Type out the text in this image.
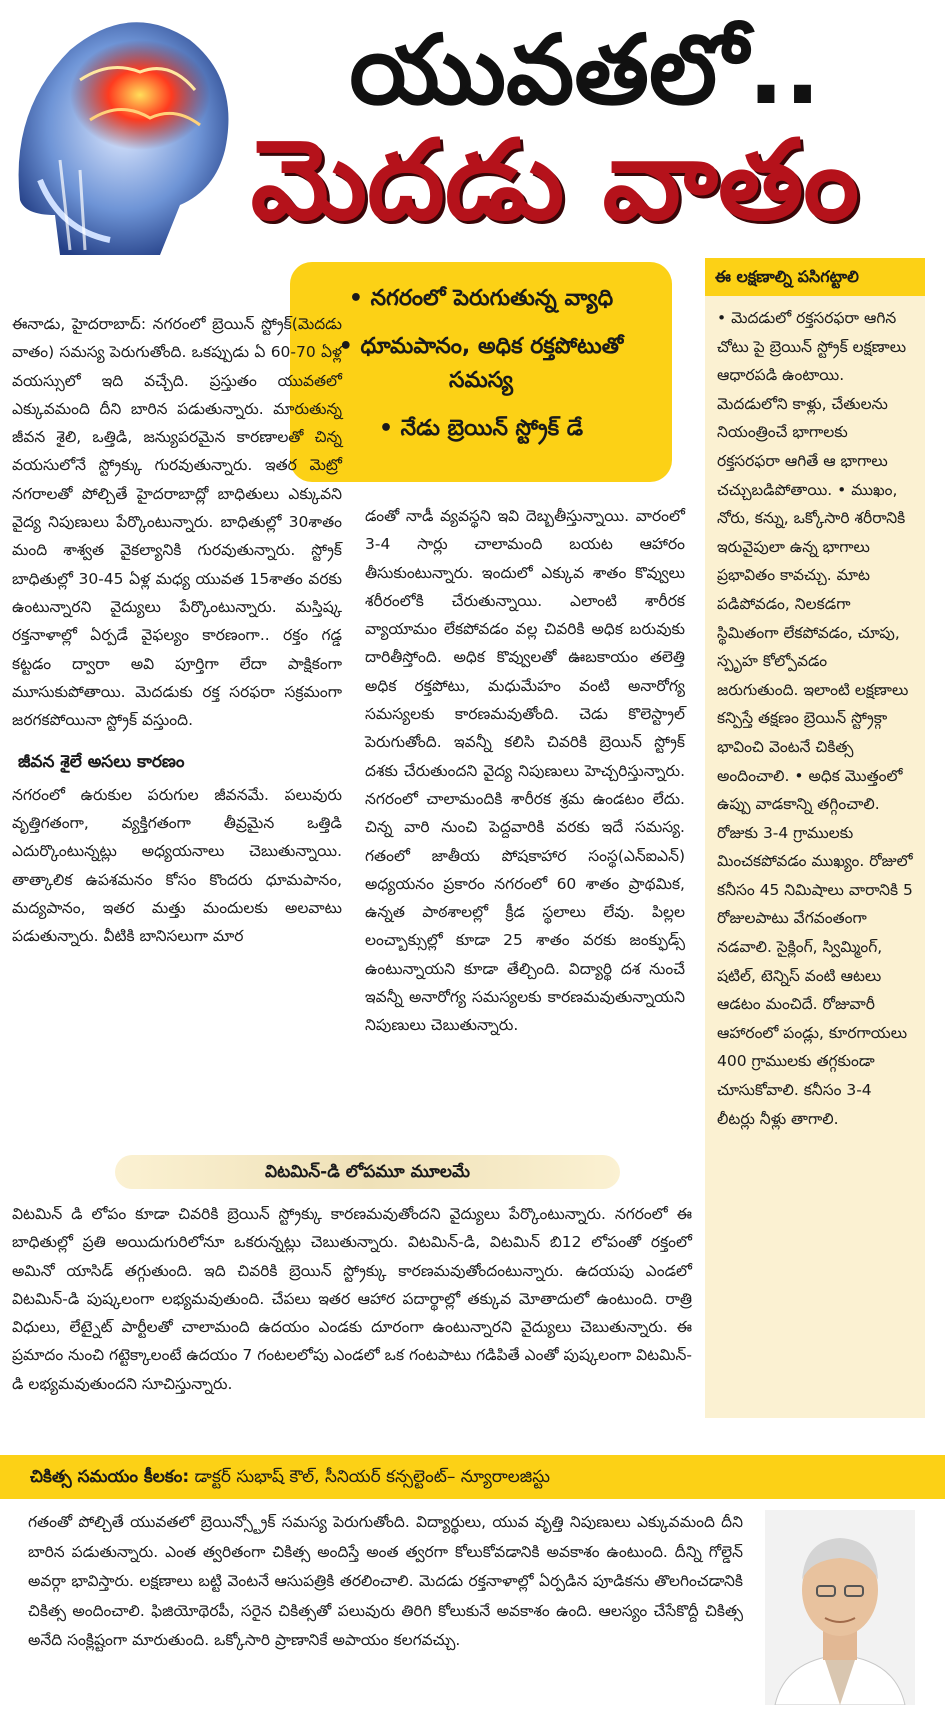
యువతలో..
మెదడు వాతం

• నగరంలో పెరుగుతున్న వ్యాధి

• ధూమపానం, అధిక రక్తపోటుతో సమస్య

• నేడు బ్రెయిన్ స్ట్రోక్ డే

ఈ లక్షణాల్ని పసిగట్టాలి

• మెదడులో రక్తసరఫరా ఆగిన చోటు పై బ్రెయిన్ స్ట్రోక్ లక్షణాలు ఆధారపడి ఉంటాయి. మెదడులోని కాళ్లు, చేతులను నియంత్రించే భాగాలకు రక్తసరఫరా ఆగితే ఆ భాగాలు చచ్చుబడిపోతాయి. • ముఖం, నోరు, కన్ను, ఒక్కోసారి శరీరానికి ఇరువైపులా ఉన్న భాగాలు ప్రభావితం కావచ్చు. మాట పడిపోవడం, నిలకడగా స్థిమితంగా లేకపోవడం, చూపు, స్పృహ కోల్పోవడం జరుగుతుంది. ఇలాంటి లక్షణాలు కన్పిస్తే తక్షణం బ్రెయిన్ స్ట్రోక్గా భావించి వెంటనే చికిత్స అందించాలి. • అధిక మొత్తంలో ఉప్పు వాడకాన్ని తగ్గించాలి. రోజుకు 3-4 గ్రాములకు మించకపోవడం ముఖ్యం. రోజులో కనీసం 45 నిమిషాలు వారానికి 5 రోజులపాటు వేగవంతంగా నడవాలి. సైక్లింగ్, స్విమ్మింగ్, షటిల్, టెన్నిస్ వంటి ఆటలు ఆడటం మంచిదే. రోజువారీ ఆహారంలో పండ్లు, కూరగాయలు 400 గ్రాములకు తగ్గకుండా చూసుకోవాలి. కనీసం 3-4 లీటర్లు నీళ్లు తాగాలి.

ఈనాడు, హైదరాబాద్: నగరంలో బ్రెయిన్ స్ట్రోక్(మెదడు వాతం) సమస్య పెరుగుతోంది. ఒకప్పుడు ఏ 60-70 ఏళ్ల వయస్సులో ఇది వచ్చేది. ప్రస్తుతం యువతలో ఎక్కువమంది దీని బారిన పడుతున్నారు. మారుతున్న జీవన శైలి, ఒత్తిడి, జన్యుపరమైన కారణాలతో చిన్న వయసులోనే స్ట్రోక్కు గురవుతున్నారు. ఇతర మెట్రో నగరాలతో పోల్చితే హైదరాబాద్లో బాధితులు ఎక్కువని వైద్య నిపుణులు పేర్కొంటున్నారు. బాధితుల్లో 30శాతం మంది శాశ్వత వైకల్యానికి గురవుతున్నారు. స్ట్రోక్ బాధితుల్లో 30-45 ఏళ్ల మధ్య యువత 15శాతం వరకు ఉంటున్నారని వైద్యులు పేర్కొంటున్నారు. మస్తిష్క రక్తనాళాల్లో ఏర్పడే వైఫల్యం కారణంగా.. రక్తం గడ్డ కట్టడం ద్వారా అవి పూర్తిగా లేదా పాక్షికంగా మూసుకుపోతాయి. మెదడుకు రక్త సరఫరా సక్రమంగా జరగకపోయినా స్ట్రోక్ వస్తుంది.

జీవన శైలే అసలు కారణం

నగరంలో ఉరుకుల పరుగుల జీవనమే. పలువురు వృత్తిగతంగా, వ్యక్తిగతంగా తీవ్రమైన ఒత్తిడి ఎదుర్కొంటున్నట్లు అధ్యయనాలు చెబుతున్నాయి. తాత్కాలిక ఉపశమనం కోసం కొందరు ధూమపానం, మద్యపానం, ఇతర మత్తు మందులకు అలవాటు పడుతున్నారు. వీటికి బానిసలుగా మార

డంతో నాడీ వ్యవస్థని ఇవి దెబ్బతీస్తున్నాయి. వారంలో 3-4 సార్లు చాలామంది బయట ఆహారం తీసుకుంటున్నారు. ఇందులో ఎక్కువ శాతం కొవ్వులు శరీరంలోకి చేరుతున్నాయి. ఎలాంటి శారీరక వ్యాయామం లేకపోవడం వల్ల చివరికి అధిక బరువుకు దారితీస్తోంది. అధిక కొవ్వులతో ఊబకాయం తలెత్తి అధిక రక్తపోటు, మధుమేహం వంటి అనారోగ్య సమస్యలకు కారణమవుతోంది. చెడు కొలెస్ట్రాల్ పెరుగుతోంది. ఇవన్నీ కలిసి చివరికి బ్రెయిన్ స్ట్రోక్ దశకు చేరుతుందని వైద్య నిపుణులు హెచ్చరిస్తున్నారు. నగరంలో చాలామందికి శారీరక శ్రమ ఉండటం లేదు. చిన్న వారి నుంచి పెద్దవారికి వరకు ఇదే సమస్య. గతంలో జాతీయ పోషకాహార సంస్థ(ఎన్ఐఎన్) అధ్యయనం ప్రకారం నగరంలో 60 శాతం ప్రాథమిక, ఉన్నత పాఠశాలల్లో క్రీడ స్థలాలు లేవు. పిల్లల లంచ్బాక్సుల్లో కూడా 25 శాతం వరకు జంక్ఫుడ్స్ ఉంటున్నాయని కూడా తేల్చింది. విద్యార్థి దశ నుంచే ఇవన్నీ అనారోగ్య సమస్యలకు కారణమవుతున్నాయని నిపుణులు చెబుతున్నారు.

విటమిన్-డి లోపమూ మూలమే

విటమిన్ డి లోపం కూడా చివరికి బ్రెయిన్ స్ట్రోక్కు కారణమవుతోందని వైద్యులు పేర్కొంటున్నారు. నగరంలో ఈ బాధితుల్లో ప్రతి అయిదుగురిలోనూ ఒకరున్నట్లు చెబుతున్నారు. విటమిన్-డి, విటమిన్ బి12 లోపంతో రక్తంలో అమినో యాసిడ్ తగ్గుతుంది. ఇది చివరికి బ్రెయిన్ స్ట్రోక్కు కారణమవుతోందంటున్నారు. ఉదయపు ఎండలో విటమిన్-డి పుష్కలంగా లభ్యమవుతుంది. చేపలు ఇతర ఆహార పదార్థాల్లో తక్కువ మోతాదులో ఉంటుంది. రాత్రి విధులు, లేట్నైట్ పార్టీలతో చాలామంది ఉదయం ఎండకు దూరంగా ఉంటున్నారని వైద్యులు చెబుతున్నారు. ఈ ప్రమాదం నుంచి గట్టెక్కాలంటే ఉదయం 7 గంటలలోపు ఎండలో ఒక గంటపాటు గడిపితే ఎంతో పుష్కలంగా విటమిన్-డి లభ్యమవుతుందని సూచిస్తున్నారు.

చికిత్స సమయం కీలకం: డాక్టర్ సుభాష్ కౌల్, సీనియర్ కన్సల్టెంట్– న్యూరాలజిస్టు

గతంతో పోల్చితే యువతలో బ్రెయిన్స్ట్రోక్ సమస్య పెరుగుతోంది. విద్యార్థులు, యువ వృత్తి నిపుణులు ఎక్కువమంది దీని బారిన పడుతున్నారు. ఎంత త్వరితంగా చికిత్స అందిస్తే అంత త్వరగా కోలుకోవడానికి అవకాశం ఉంటుంది. దీన్ని గోల్డెన్ అవర్గా భావిస్తారు. లక్షణాలు బట్టి వెంటనే ఆసుపత్రికి తరలించాలి. మెదడు రక్తనాళాల్లో ఏర్పడిన పూడికను తొలగించడానికి చికిత్స అందించాలి. ఫిజియోథెరపీ, సరైన చికిత్సతో పలువురు తిరిగి కోలుకునే అవకాశం ఉంది. ఆలస్యం చేసేకొద్దీ చికిత్స అనేది సంక్లిష్టంగా మారుతుంది. ఒక్కోసారి ప్రాణానికే అపాయం కలగవచ్చు.
